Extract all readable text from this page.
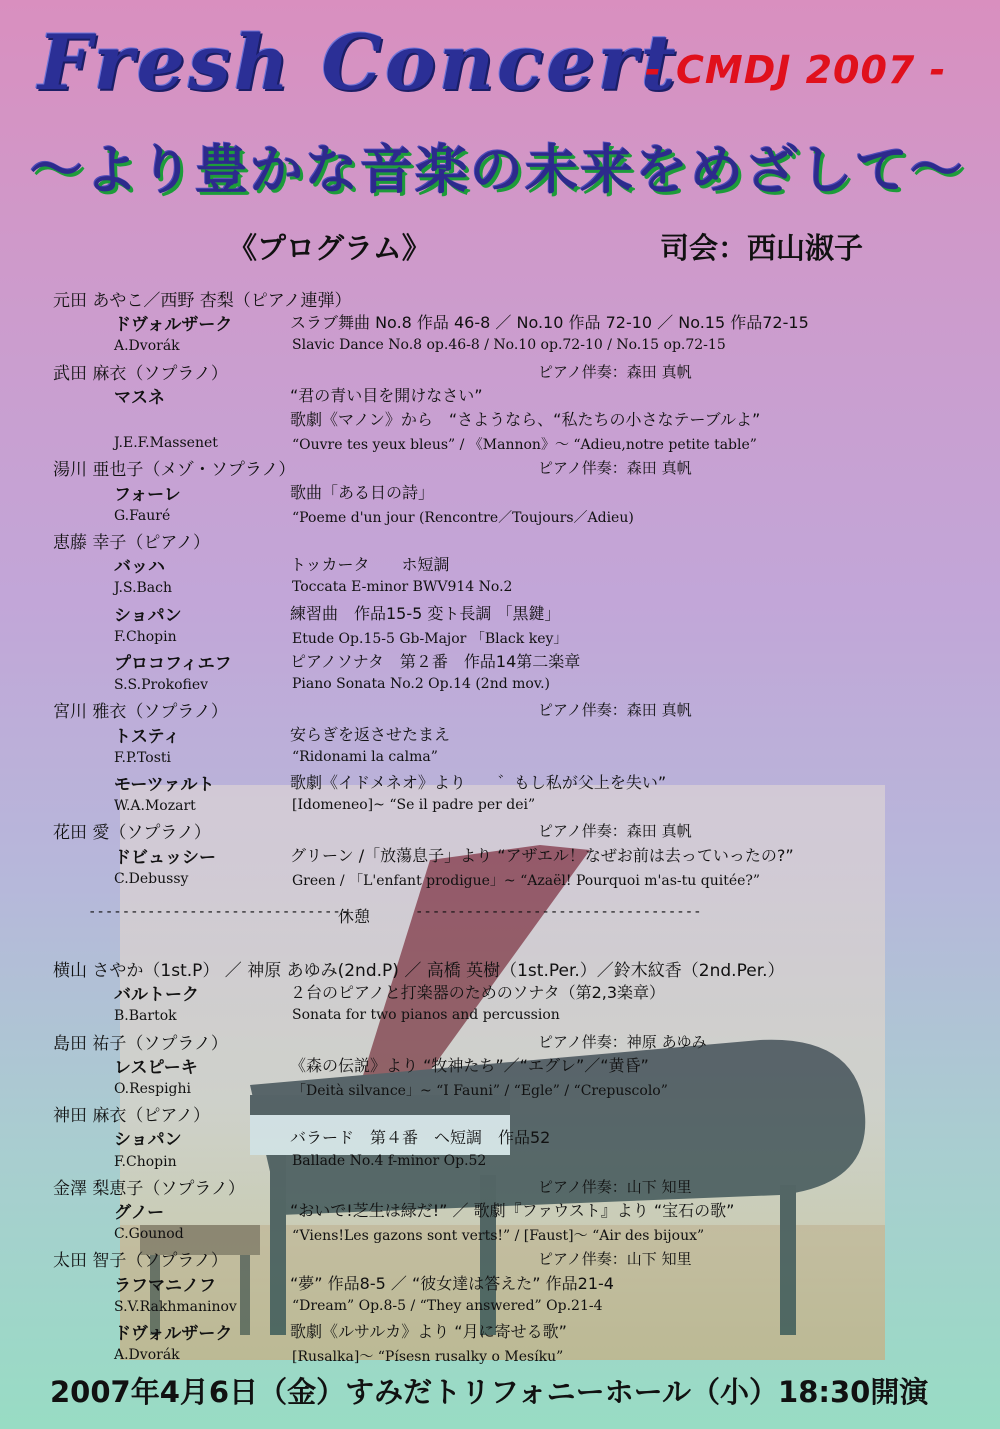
Fresh Concert
- CMDJ 2007 -
〜より豊かな音楽の未来をめざして〜
《プログラム》	司会：西山淑子
元田 あやこ／西野 杏梨（ピアノ連弾）
ドヴォルザーク	スラブ舞曲 No.8 作品 46-8 ／ No.10 作品 72-10 ／ No.15 作品72-15
A.Dvorák	Slavic Dance No.8 op.46-8 / No.10 op.72-10 / No.15 op.72-15
武田 麻衣（ソプラノ）	ピアノ伴奏：森田 真帆
マスネ	“君の青い目を開けなさい”
歌劇《マノン》から　“さようなら、“私たちの小さなテーブルよ”
J.E.F.Massenet	“Ouvre tes yeux bleus” / 《Mannon》〜 “Adieu,notre petite table”
湯川 亜也子（メゾ・ソプラノ）	ピアノ伴奏：森田 真帆
フォーレ	歌曲「ある日の詩」
G.Fauré	“Poeme d'un jour (Rencontre／Toujours／Adieu)
恵藤 幸子（ピアノ）
バッハ	トッカータ　　ホ短調
J.S.Bach	Toccata E-minor BWV914 No.2
ショパン	練習曲　作品15-5 変ト長調 「黒鍵」
F.Chopin	Etude Op.15-5 Gb-Major 「Black key」
プロコフィエフ	ピアノソナタ　第２番　作品14第二楽章
S.S.Prokofiev	Piano Sonata No.2 Op.14 (2nd mov.)
宮川 雅衣（ソプラノ）	ピアノ伴奏：森田 真帆
トスティ	安らぎを返させたまえ
F.P.Tosti	“Ridonami la calma”
モーツァルト	歌劇《イドメネオ》より　　゛もし私が父上を失い”
W.A.Mozart	[Idomeneo]~ “Se il padre per dei”
花田 愛（ソプラノ）	ピアノ伴奏：森田 真帆
ドビュッシー	グリーン /「放蕩息子」より “アザエル！なぜお前は去っていったの?”
C.Debussy	Green / 「L'enfant prodigue」~ “Azaël! Pourquoi m'as-tu quitée?”
横山 さやか（1st.P） ／ 神原 あゆみ(2nd.P) ／ 高橋 英樹（1st.Per.）／鈴木紋香（2nd.Per.）
バルトーク	２台のピアノと打楽器のためのソナタ（第2,3楽章）
B.Bartok	Sonata for two pianos and percussion
島田 祐子（ソプラノ）	ピアノ伴奏：神原 あゆみ
レスピーキ	《森の伝説》より “牧神たち”／“エグレ”／“黄昏”
O.Respighi	「Deità silvance」~ “I Fauni” / “Egle” / “Crepuscolo”
神田 麻衣（ピアノ）
ショパン	バラード　第４番　ヘ短調　作品52
F.Chopin	Ballade No.4 f-minor Op.52
金澤 梨恵子（ソプラノ）	ピアノ伴奏：山下 知里
グノー	“おいで!芝生は緑だ!” ／ 歌劇『ファウスト』より “宝石の歌”
C.Gounod	“Viens!Les gazons sont verts!” / [Faust]〜 “Air des bijoux”
太田 智子（ソプラノ）	ピアノ伴奏：山下 知里
ラフマニノフ	“夢” 作品8-5 ／ “彼女達は答えた” 作品21-4
S.V.Rakhmaninov	“Dream” Op.8-5 / “They answered” Op.21-4
ドヴォルザーク	歌劇《ルサルカ》より “月に寄せる歌”
A.Dvorák	[Rusalka]〜 “Písesn rusalky o Mesíku”
-------------------------------
休憩	----------------------------------
2007年4月6日（金）すみだトリフォニーホール（小）18:30開演
